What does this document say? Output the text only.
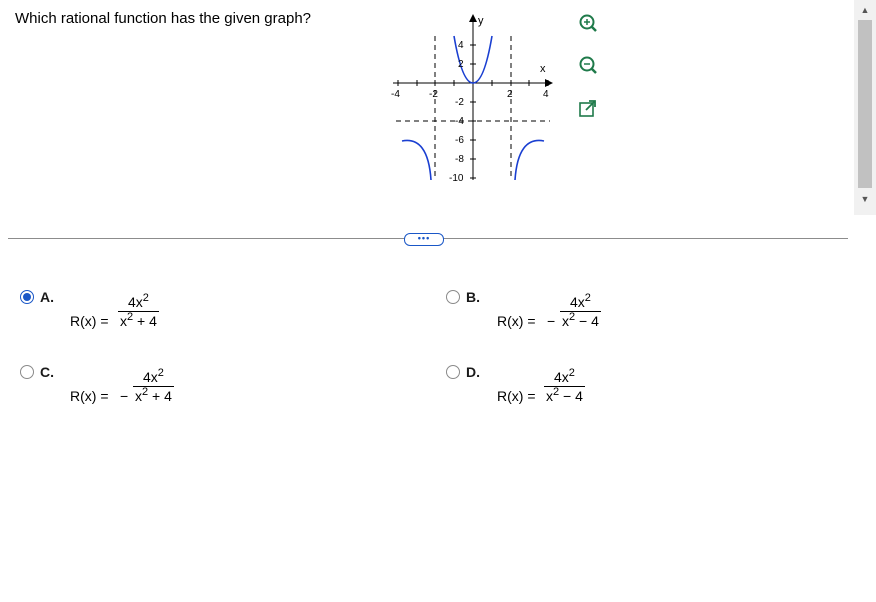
Which rational function has the given graph?	y
x
-4	-2	2	4
4
2
-2
-4
-6
-8
-10
▲
▼
•••
A.
R(x) =
$4x^2$
$x^2 + 4$
B.
R(x) = −
$4x^2$
$x^2 - 4$
C.
R(x) = −
$4x^2$
$x^2 + 4$
D.
R(x) =
$4x^2$
$x^2 - 4$
